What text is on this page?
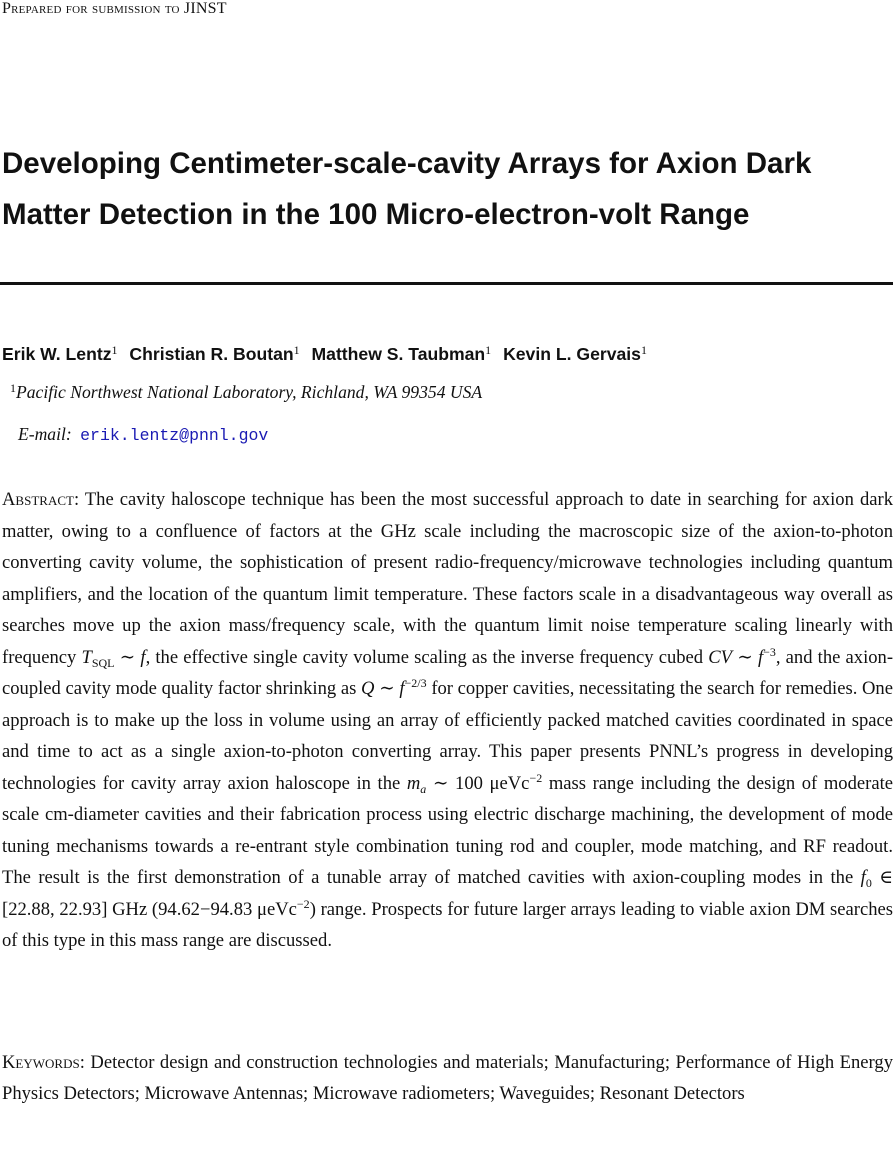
Prepared for submission to JINST
Developing Centimeter-scale-cavity Arrays for Axion Dark
Matter Detection in the 100 Micro-electron-volt Range
Erik W. Lentz$^1$ Christian R. Boutan$^1$ Matthew S. Taubman$^1$ Kevin L. Gervais$^1$
$^1$Pacific Northwest National Laboratory, Richland, WA 99354 USA
E-mail: erik.lentz@pnnl.gov
Abstract: The cavity haloscope technique has been the most successful approach to date in searching for axion dark matter, owing to a confluence of factors at the GHz scale including the macroscopic size of the axion-to-photon converting cavity volume, the sophistication of present radio-frequency/microwave technologies including quantum amplifiers, and the location of the quantum limit temperature. These factors scale in a disadvantageous way overall as searches move up the axion mass/frequency scale, with the quantum limit noise temperature scaling linearly with frequency $T_{SQL}$ ∼ f, the effective single cavity volume scaling as the inverse frequency cubed CV ∼ $f^{-3}$, and the axion-coupled cavity mode quality factor shrinking as Q ∼ $f^{-2/3}$ for copper cavities, necessitating the search for remedies. One approach is to make up the loss in volume using an array of efficiently packed matched cavities coordinated in space and time to act as a single axion-to-photon converting array. This paper presents PNNL’s progress in developing technologies for cavity array axion haloscope in the $m_a$ ∼ 100 μeVc$^{-2}$ mass range including the design of moderate scale cm-diameter cavities and their fabrication process using electric discharge machining, the development of mode tuning mechanisms towards a re-entrant style combination tuning rod and coupler, mode matching, and RF readout. The result is the first demonstration of a tunable array of matched cavities with axion-coupling modes in the $f_0$ ∈ [22.88, 22.93] GHz (94.62−94.83 μeVc$^{-2}$) range. Prospects for future larger arrays leading to viable axion DM searches of this type in this mass range are discussed.
Keywords: Detector design and construction technologies and materials; Manufacturing; Performance of High Energy Physics Detectors; Microwave Antennas; Microwave radiometers; Waveguides; Resonant Detectors
